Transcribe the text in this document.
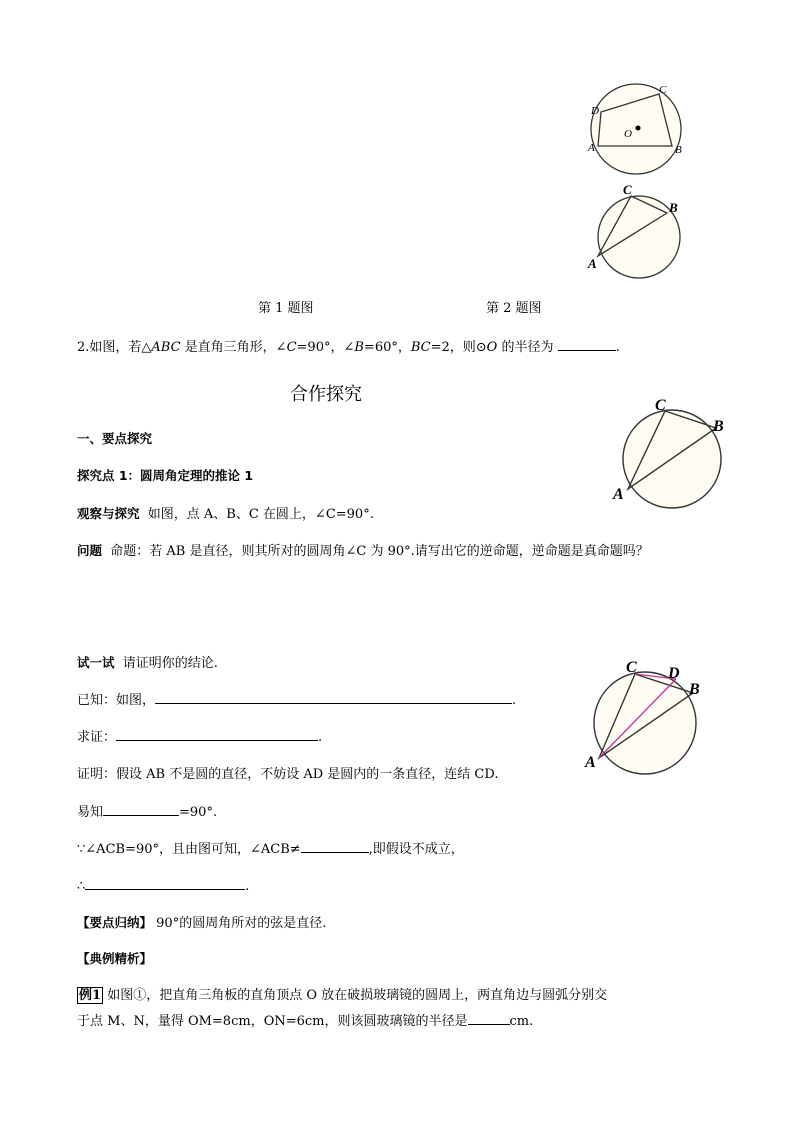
D
C
O
A	B
C
B
A
第 1 题图	第 2 题图
2.如图，若△ABC 是直角三角形，∠C=90°，∠B=60°，BC=2，则⊙O 的半径为	.
合作探究
一、要点探究
探究点 1：圆周角定理的推论 1
C
B
A
观察与探究 如图，点 A、B、C 在圆上，∠C=90°.
问题 命题：若 AB 是直径，则其所对的圆周角∠C 为 90°.请写出它的逆命题，逆命题是真命题吗？
试一试 请证明你的结论.
已知：如图，	.
求证：	.
C D
B
A
证明：假设 AB 不是圆的直径，不妨设 AD 是圆内的一条直径，连结 CD.
易知	=90°.
∵∠ACB=90°，且由图可知，∠ACB≠	,即假设不成立，
∴	.
【要点归纳】 90°的圆周角所对的弦是直径.
【典例精析】
例1 如图①，把直角三角板的直角顶点 O 放在破损玻璃镜的圆周上，两直角边与圆弧分别交
于点 M、N，量得 OM=8cm，ON=6cm，则该圆玻璃镜的半径是	cm.
